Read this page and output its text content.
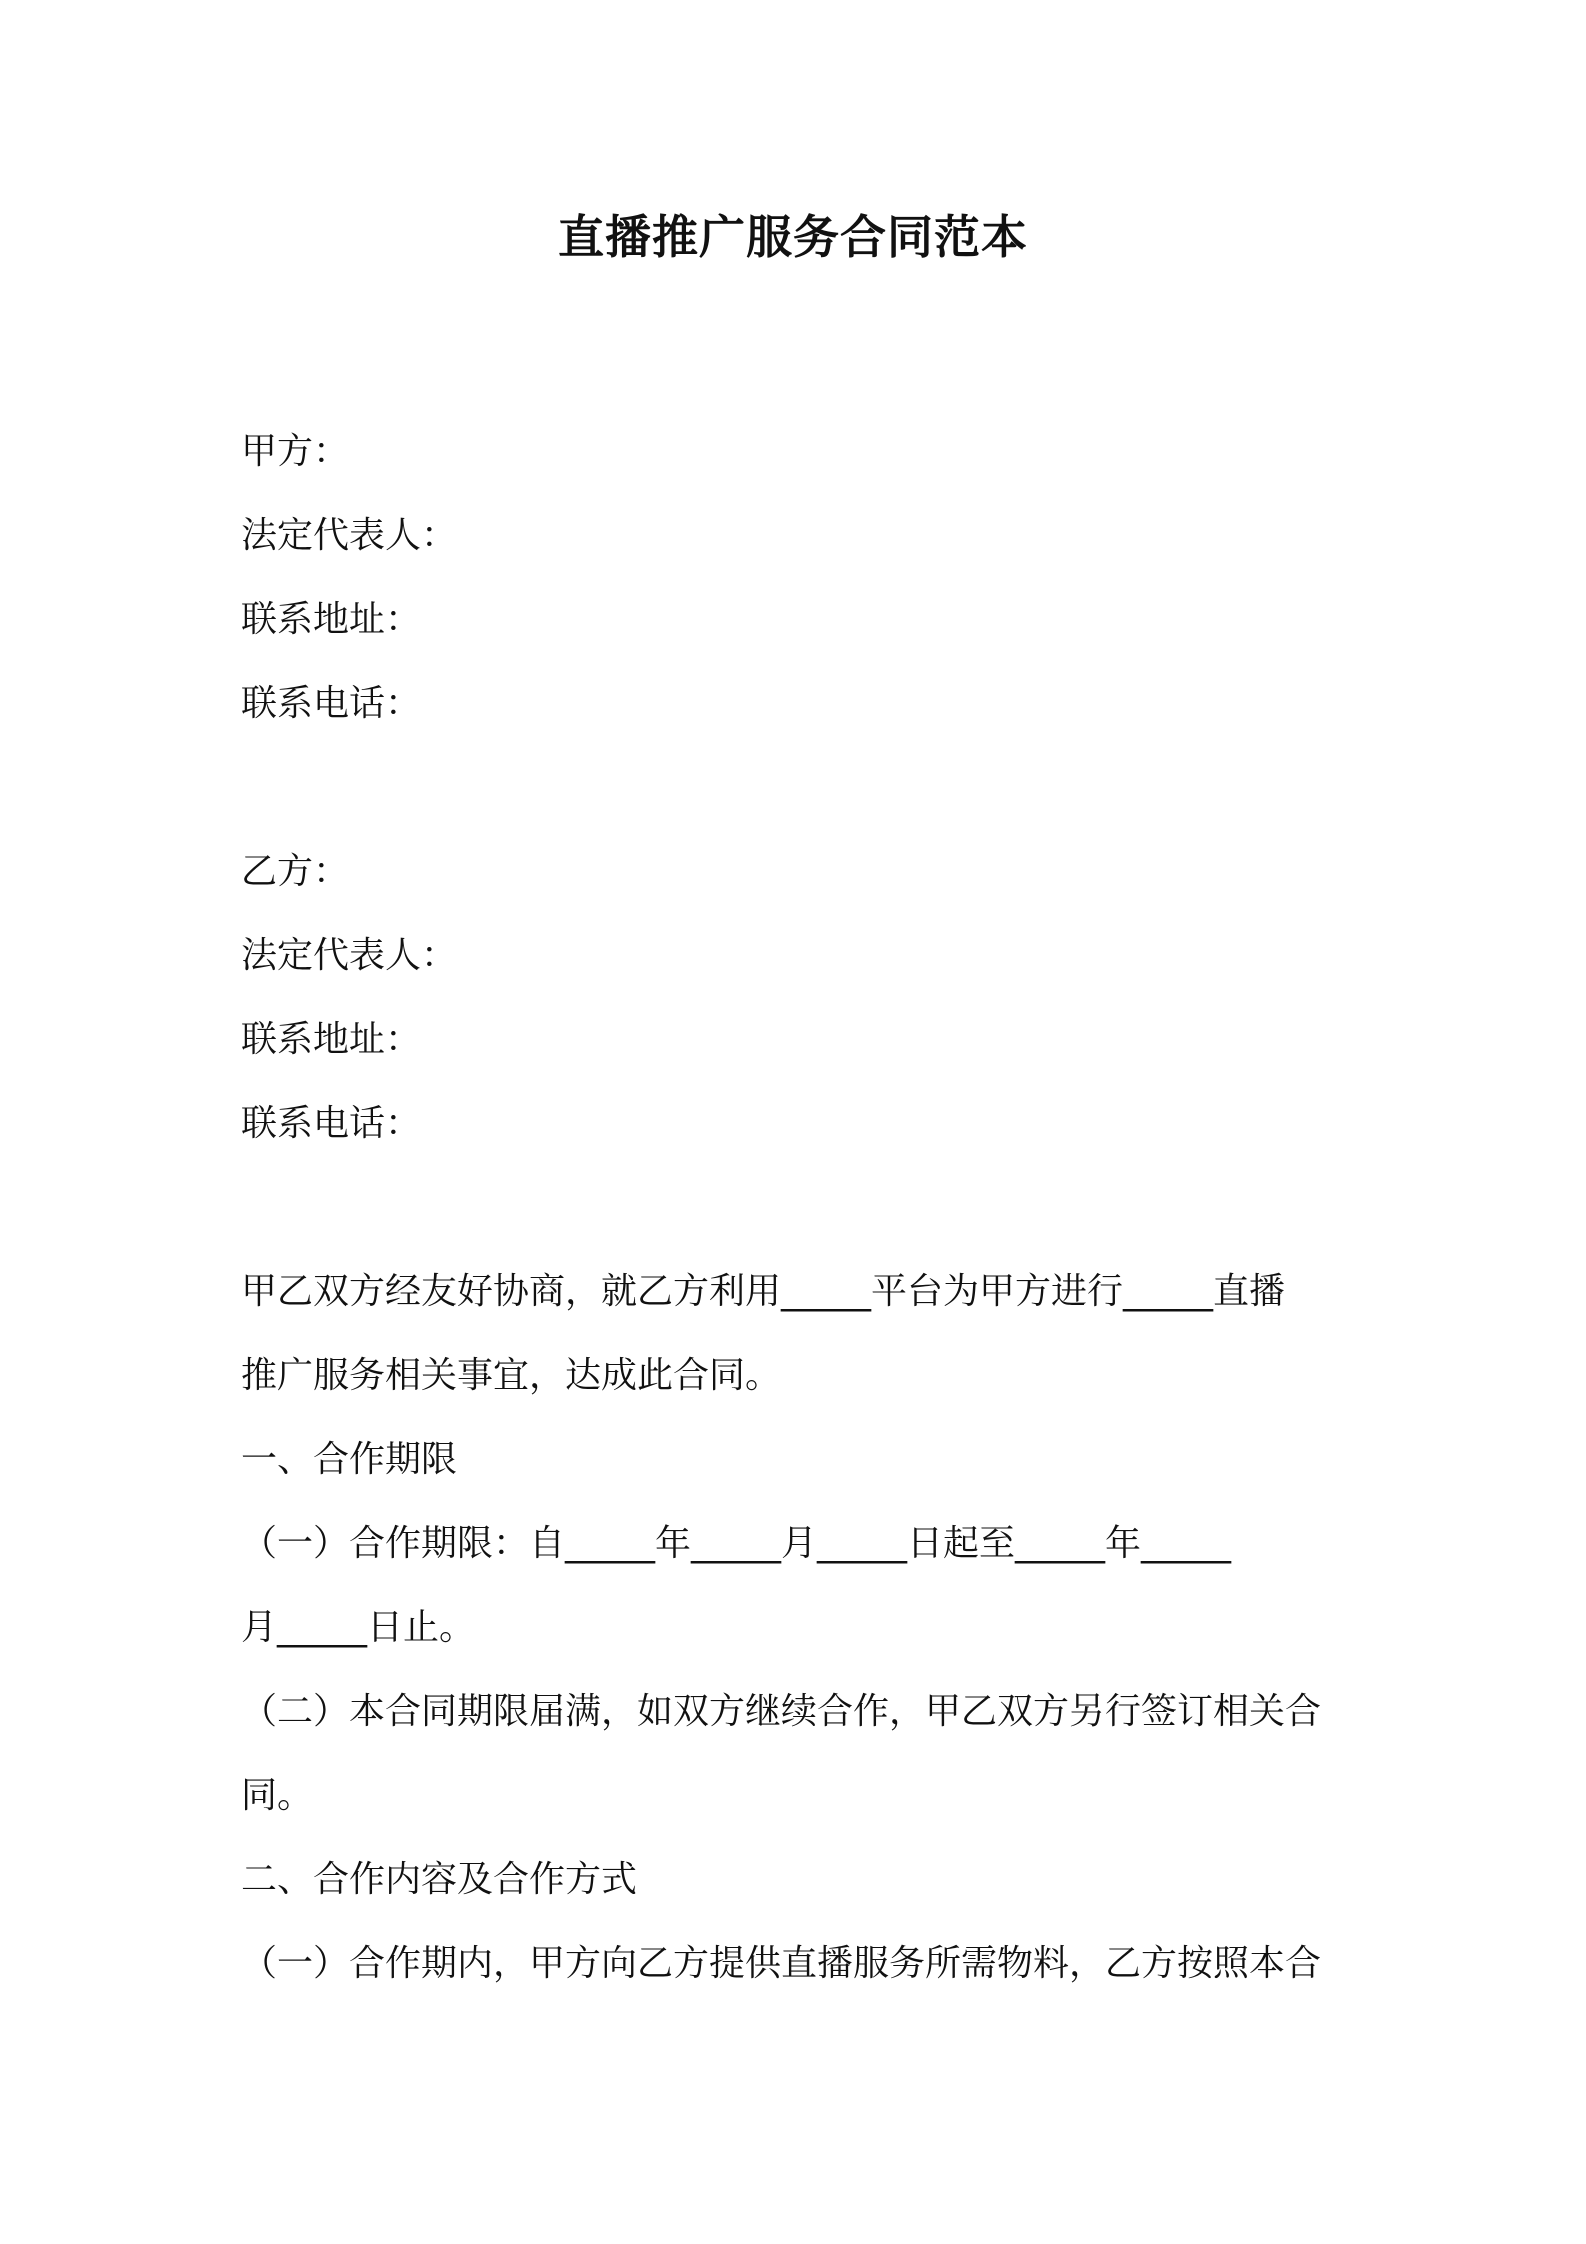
直播推广服务合同范本
甲方：
法定代表人：
联系地址：
联系电话：
乙方：
法定代表人：
联系地址：
联系电话：
甲乙双方经友好协商，就乙方利用_____平台为甲方进行_____直播
推广服务相关事宜，达成此合同。
一、合作期限
（一）合作期限：自_____年_____月_____日起至_____年_____
月_____日止。
（二）本合同期限届满，如双方继续合作，甲乙双方另行签订相关合
同。
二、合作内容及合作方式
（一）合作期内，甲方向乙方提供直播服务所需物料，乙方按照本合
